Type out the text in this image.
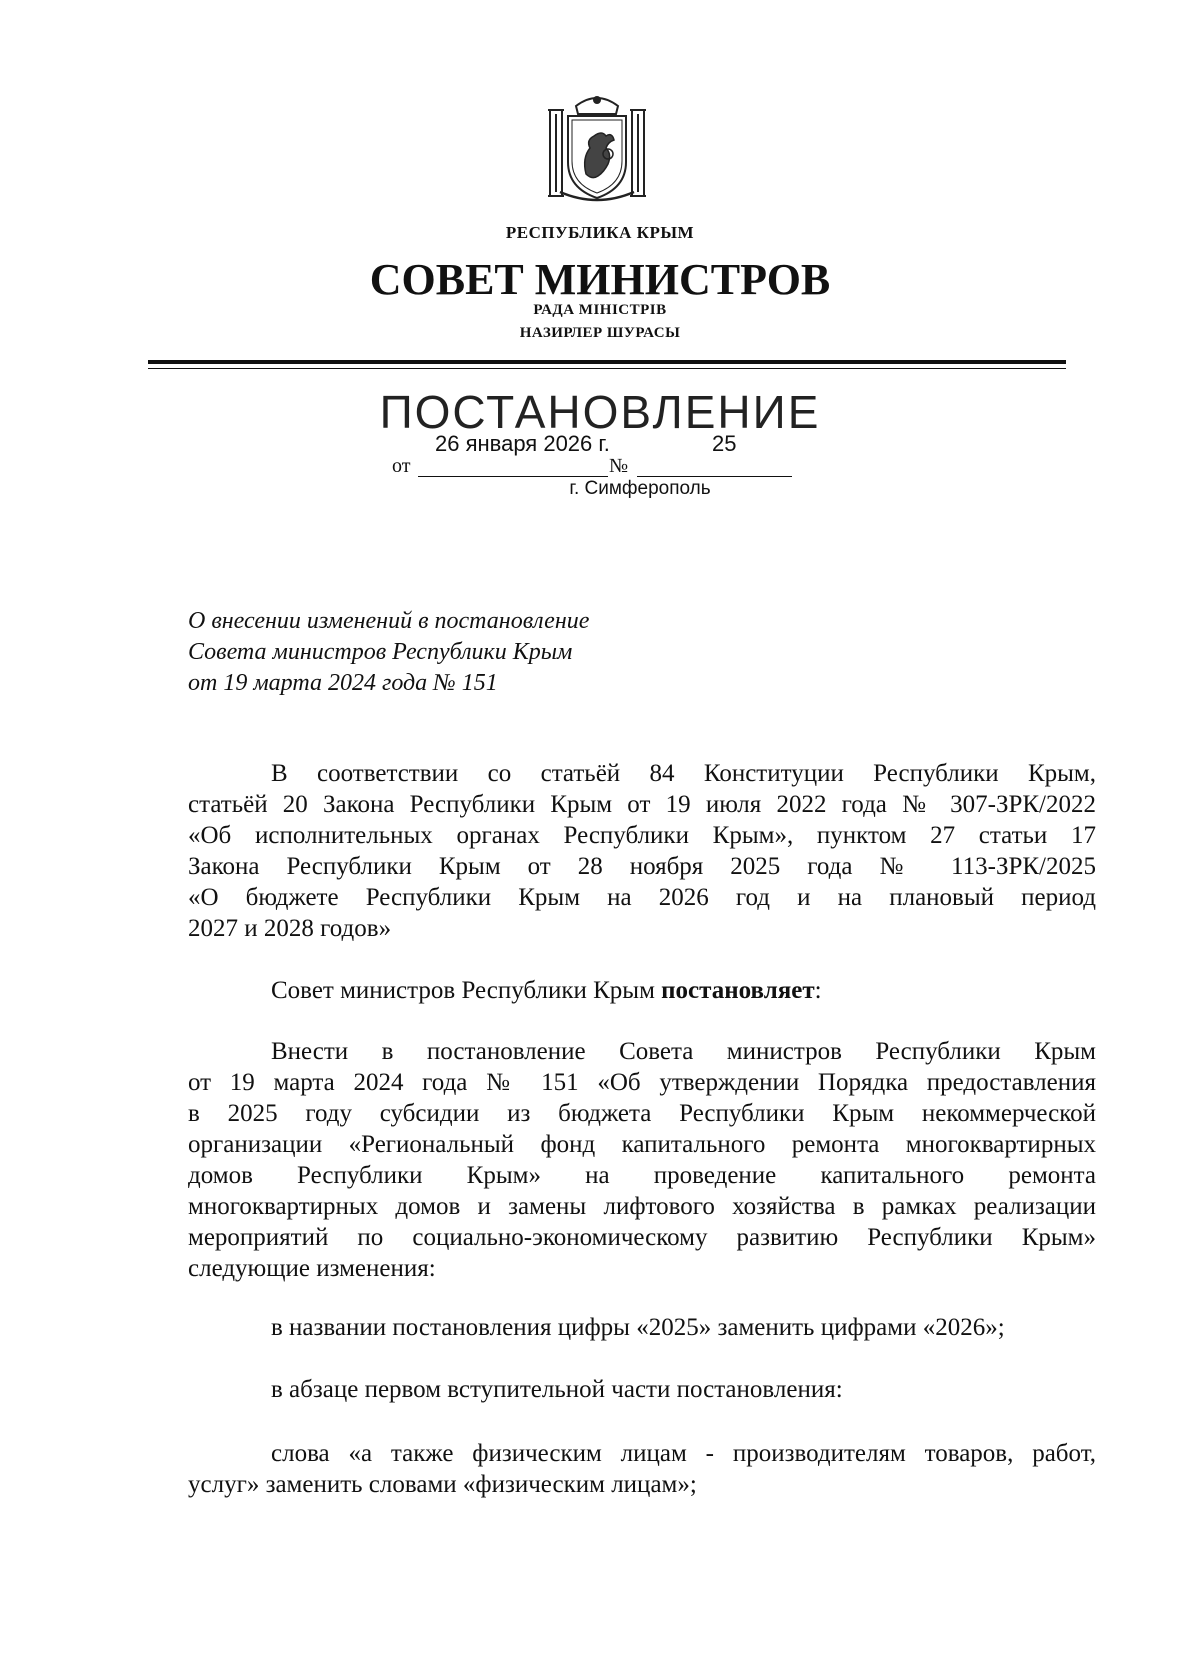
РЕСПУБЛИКА КРЫМ
СОВЕТ МИНИСТРОВ
РАДА МІНІСТРІВ
НАЗИРЛЕР ШУРАСЫ
ПОСТАНОВЛЕНИЕ
26 января 2026 г.	25
от	№
г. Симферополь
О внесении изменений в постановление
Совета министров Республики Крым
от 19 марта 2024 года № 151
В соответствии со статьёй 84 Конституции Республики Крым,
статьёй 20 Закона Республики Крым от 19 июля 2022 года № 307-ЗРК/2022
«Об исполнительных органах Республики Крым», пунктом 27 статьи 17
Закона Республики Крым от 28 ноября 2025 года № 113-ЗРК/2025
«О бюджете Республики Крым на 2026 год и на плановый период
2027 и 2028 годов»
Совет министров Республики Крым постановляет:
Внести в постановление Совета министров Республики Крым
от 19 марта 2024 года № 151 «Об утверждении Порядка предоставления
в 2025 году субсидии из бюджета Республики Крым некоммерческой
организации «Региональный фонд капитального ремонта многоквартирных
домов Республики Крым» на проведение капитального ремонта
многоквартирных домов и замены лифтового хозяйства в рамках реализации
мероприятий по социально-экономическому развитию Республики Крым»
следующие изменения:
в названии постановления цифры «2025» заменить цифрами «2026»;
в абзаце первом вступительной части постановления:
слова «а также физическим лицам - производителям товаров, работ,
услуг» заменить словами «физическим лицам»;
